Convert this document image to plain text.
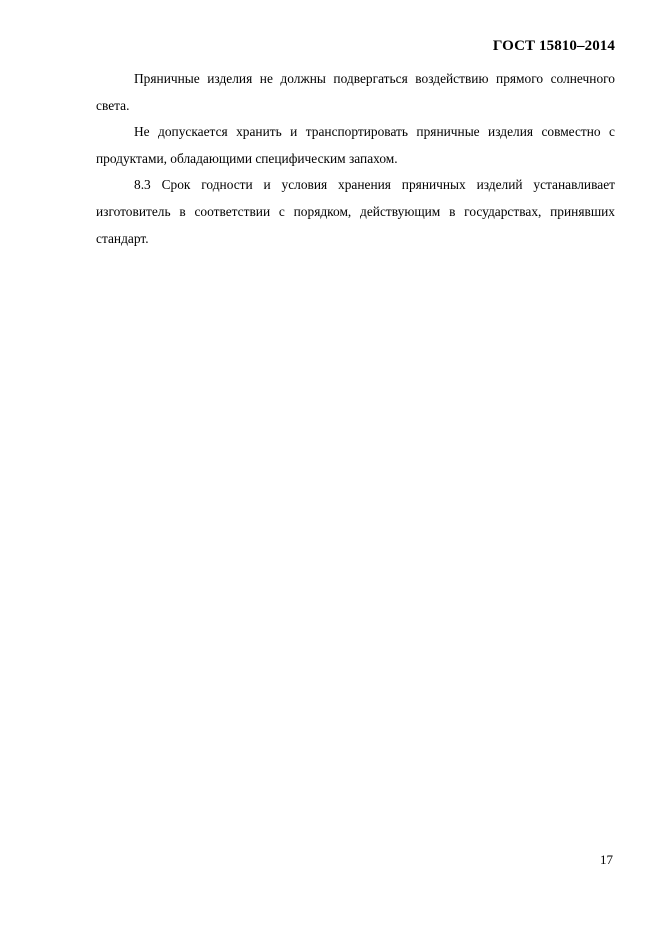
ГОСТ 15810–2014

Пряничные изделия не должны подвергаться воздействию прямого солнечного света.

Не допускается хранить и транспортировать пряничные изделия совместно с продуктами, обладающими специфическим запахом.

8.3 Срок годности и условия хранения пряничных изделий устанавливает изготовитель в соответствии с порядком, действующим в государствах, принявших стандарт.

17
